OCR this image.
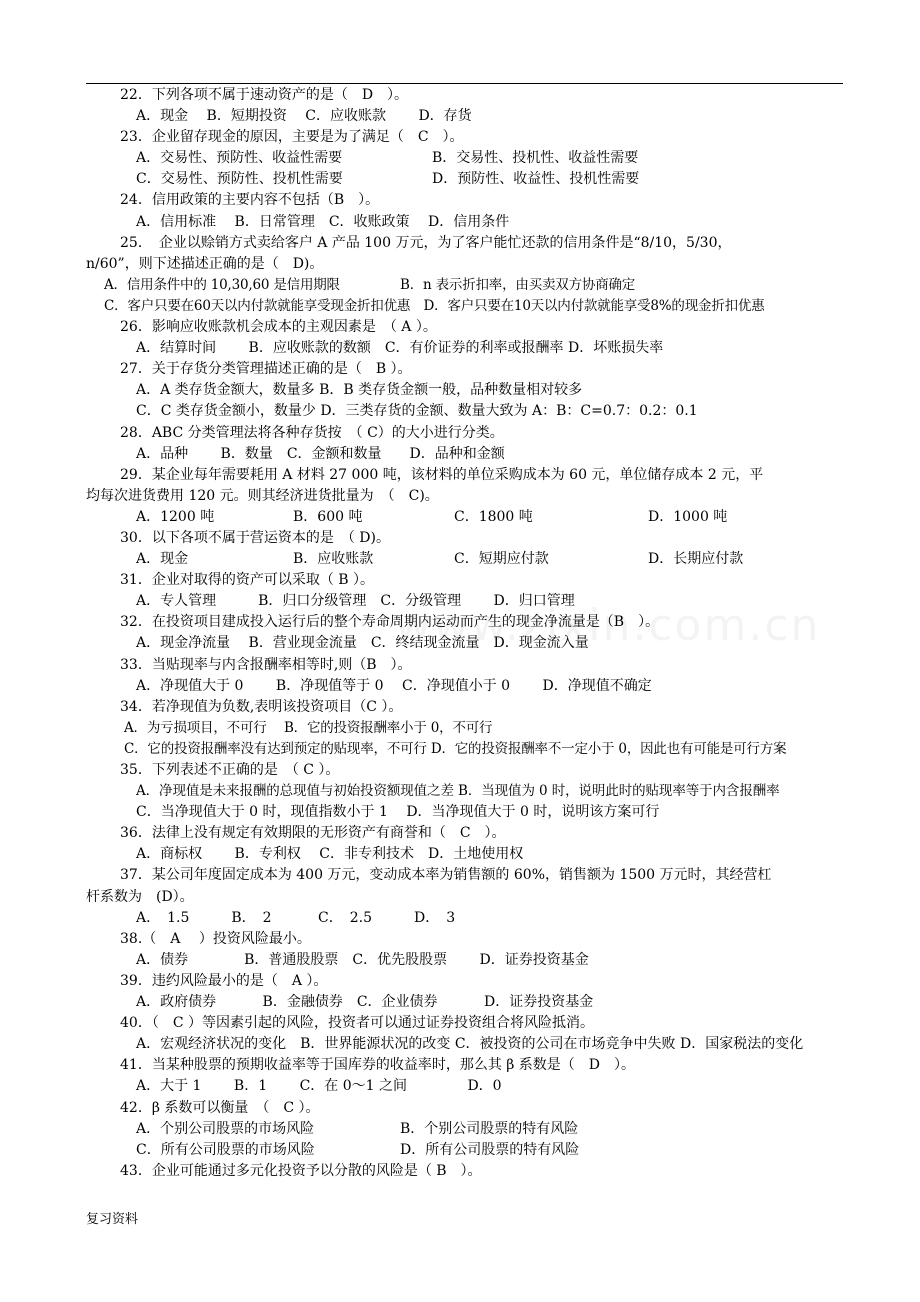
22．下列各项不属于速动资产的是（　D　）。
A．现金　 B．短期投资　 C．应收账款　　 D．存货
23．企业留存现金的原因，主要是为了满足（　C　）。
A．交易性、预防性、收益性需要	B．交易性、投机性、收益性需要
C．交易性、预防性、投机性需要	D．预防性、收益性、投机性需要
24．信用政策的主要内容不包括（B　）。
A．信用标准　 B．日常管理　C．收账政策　 D．信用条件
25．　企业以赊销方式卖给客户 A 产品 100 万元，为了客户能忙还款的信用条件是“8/10，5/30，
n/60”，则下述描述正确的是（　D)。
A．信用条件中的 10,30,60 是信用期限	B．n 表示折扣率，由买卖双方协商确定
C．客户只要在60天以内付款就能享受现金折扣优惠　D．客户只要在10天以内付款就能享受8%的现金折扣优惠
26．影响应收账款机会成本的主观因素是　（ A ）。
A．结算时间　　 B．应收账款的数额　C．有价证券的利率或报酬率 D．坏账损失率
27．关于存货分类管理描述正确的是（　B ）。
A．A 类存货金额大，数量多 B．B 类存货金额一般，品种数量相对较多
C．C 类存货金额小，数量少 D．三类存货的金额、数量大致为 A：B：C=0.7：0.2：0.1
28．ABC 分类管理法将各种存货按　（ C）的大小进行分类。
A．品种　　 B．数量　C．金额和数量　　D．品种和金额
29．某企业每年需要耗用 A 材料 27 000 吨，该材料的单位采购成本为 60 元，单位储存成本 2 元，平
均每次进货费用 120 元。则其经济进货批量为　（　C)。
A．1200 吨	B．600 吨	C．1800 吨	D．1000 吨
30．以下各项不属于营运资本的是　（ D)。
A．现金	B．应收账款	C．短期应付款	D．长期应付款
31．企业对取得的资产可以采取（ B ）。
A．专人管理　　　B．归口分级管理　C．分级管理　　 D．归口管理
32．在投资项目建成投入运行后的整个寿命周期内运动而产生的现金净流量是（B　）。
A．现金净流量　 B．营业现金流量　C．终结现金流量　D．现金流入量
33．当贴现率与内含报酬率相等时,则（B　）。
A．净现值大于 0　　 B．净现值等于 0　 C．净现值小于 0　　 D．净现值不确定
34．若净现值为负数,表明该投资项目（C ）。
A．为亏损项目，不可行　 B．它的投资报酬率小于 0，不可行
C．它的投资报酬率没有达到预定的贴现率，不可行 D．它的投资报酬率不一定小于 0，因此也有可能是可行方案
35．下列表述不正确的是　（ C ）。
A．净现值是未来报酬的总现值与初始投资额现值之差 B．当现值为 0 时，说明此时的贴现率等于内含报酬率
C．当净现值大于 0 时，现值指数小于 1　 D．当净现值大于 0 时，说明该方案可行
36．法律上没有规定有效期限的无形资产有商誉和（　C　）。
A．商标权　　 B．专利权　 C．非专利技术　D．土地使用权
37．某公司年度固定成本为 400 万元，变动成本率为销售额的 60%，销售额为 1500 万元时，其经营杠
杆系数为　(D）。
A．　1.5　　　B．　2　　　 C．　2.5　　　D．　3
38.（　A　 ）投资风险最小。
A．债券　　　　B．普通股股票　C．优先股股票　　 D．证券投资基金
39．违约风险最小的是（　A ）。
A．政府债券　　　 B．金融债券　C．企业债券　　　 D．证券投资基金
40．（　C ）等因素引起的风险，投资者可以通过证券投资组合将风险抵消。
A．宏观经济状况的变化　B．世界能源状况的改变 C．被投资的公司在市场竞争中失败 D．国家税法的变化
41．当某种股票的预期收益率等于国库券的收益率时，那么其 β 系数是（　D　）。
A．大于 1　　 B．1　　 C．在 0～1 之间　　　　 D．0
42．β 系数可以衡量　（　C ）。
A．个别公司股票的市场风险	B．个别公司股票的特有风险
C．所有公司股票的市场风险	D．所有公司股票的特有风险
43．企业可能通过多元化投资予以分散的风险是（ B　）。
复习资料
